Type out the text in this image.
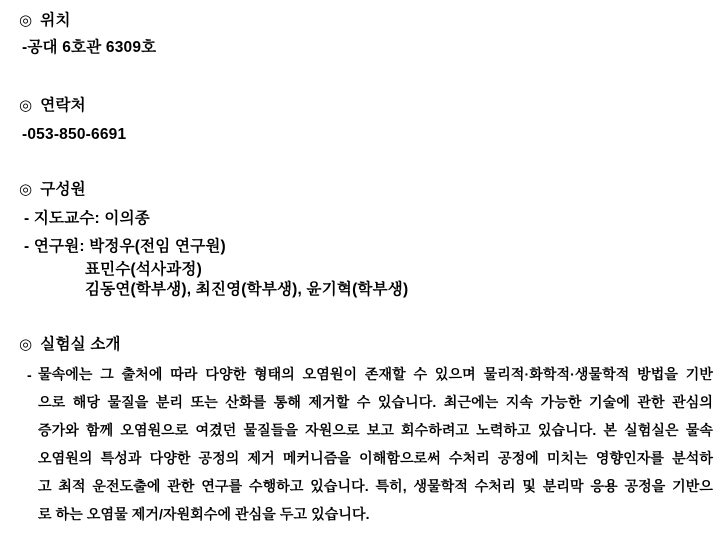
◎ 위치
-공대 6호관 6309호
◎ 연락처
-053-850-6691
◎ 구성원
- 지도교수: 이의종
- 연구원: 박정우(전임 연구원)
표민수(석사과정)
김동연(학부생), 최진영(학부생), 윤기혁(학부생)
◎ 실험실 소개
- 물속에는 그 출처에 따라 다양한 형태의 오염원이 존재할 수 있으며 물리적·화학적·생물학적 방법을 기반
으로 해당 물질을 분리 또는 산화를 통해 제거할 수 있습니다. 최근에는 지속 가능한 기술에 관한 관심의
증가와 함께 오염원으로 여겼던 물질들을 자원으로 보고 회수하려고 노력하고 있습니다. 본 실험실은 물속
오염원의 특성과 다양한 공정의 제거 메커니즘을 이해함으로써 수처리 공정에 미치는 영향인자를 분석하
고 최적 운전도출에 관한 연구를 수행하고 있습니다. 특히, 생물학적 수처리 및 분리막 응용 공정을 기반으
로 하는 오염물 제거/자원회수에 관심을 두고 있습니다.
